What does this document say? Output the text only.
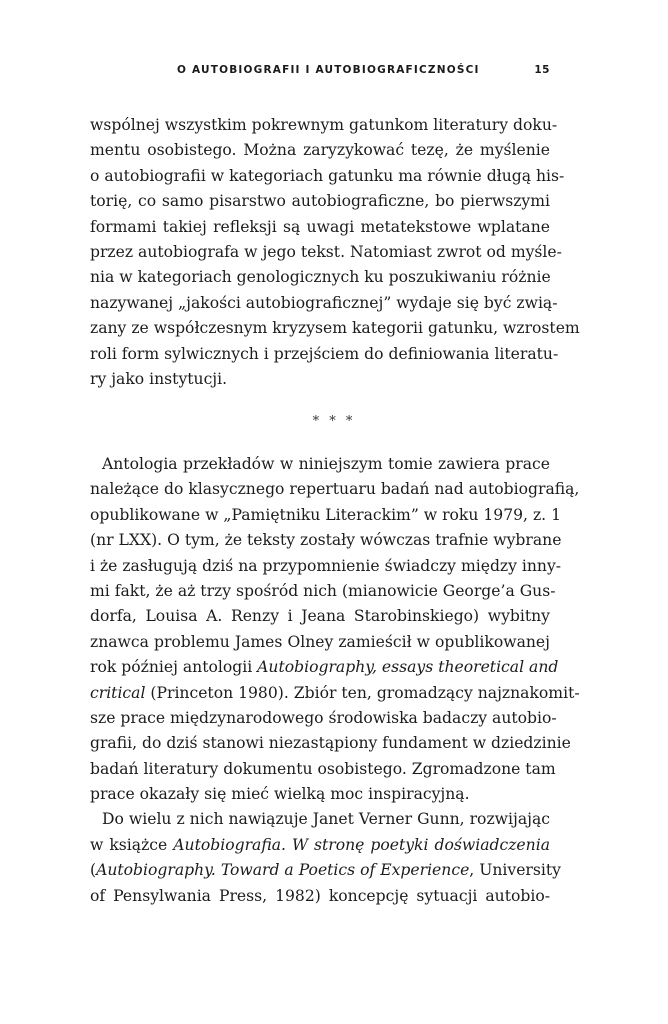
O AUTOBIOGRAFII I AUTOBIOGRAFICZNOŚCI	15
wspólnej wszystkim pokrewnym gatunkom literatury doku-
mentu osobistego. Można zaryzykować tezę, że myślenie
o autobiografii w kategoriach gatunku ma równie długą his-
torię, co samo pisarstwo autobiograficzne, bo pierwszymi
formami takiej refleksji są uwagi metatekstowe wplatane
przez autobiografa w jego tekst. Natomiast zwrot od myśle-
nia w kategoriach genologicznych ku poszukiwaniu różnie
nazywanej „jakości autobiograficznej” wydaje się być zwią-
zany ze współczesnym kryzysem kategorii gatunku, wzrostem
roli form sylwicznych i przejściem do definiowania literatu-
ry jako instytucji.
* * *
Antologia przekładów w niniejszym tomie zawiera prace
należące do klasycznego repertuaru badań nad autobiografią,
opublikowane w „Pamiętniku Literackim” w roku 1979, z. 1
(nr LXX). O tym, że teksty zostały wówczas trafnie wybrane
i że zasługują dziś na przypomnienie świadczy między inny-
mi fakt, że aż trzy spośród nich (mianowicie George’a Gus-
dorfa, Louisa A. Renzy i Jeana Starobinskiego) wybitny
znawca problemu James Olney zamieścił w opublikowanej
rok później antologii Autobiography, essays theoretical and
critical (Princeton 1980). Zbiór ten, gromadzący najznakomit-
sze prace międzynarodowego środowiska badaczy autobio-
grafii, do dziś stanowi niezastąpiony fundament w dziedzinie
badań literatury dokumentu osobistego. Zgromadzone tam
prace okazały się mieć wielką moc inspiracyjną.
Do wielu z nich nawiązuje Janet Verner Gunn, rozwijając
w książce Autobiografia. W stronę poetyki doświadczenia
(Autobiography. Toward a Poetics of Experience, University
of Pensylwania Press, 1982) koncepcję sytuacji autobio-
